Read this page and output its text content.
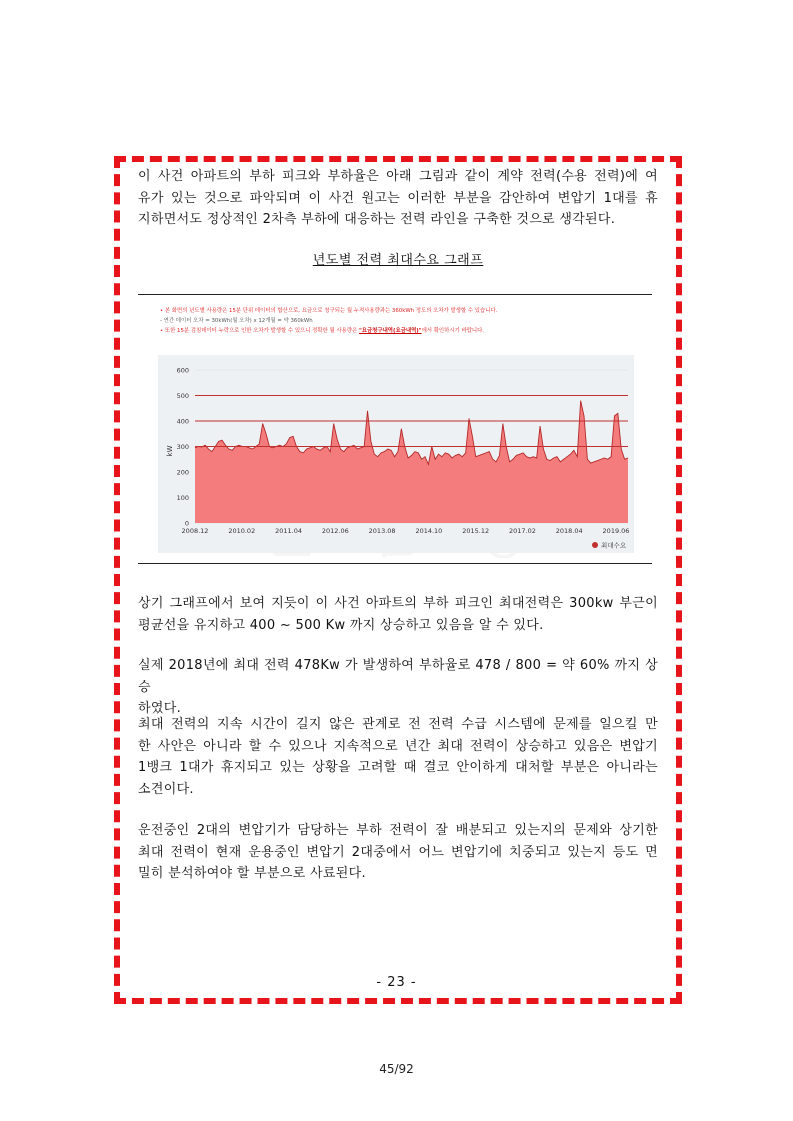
이 사건 아파트의 부하 피크와 부하율은 아래 그림과 같이 계약 전력(수용 전력)에 여
유가 있는 것으로 파악되며 이 사건 원고는 이러한 부분을 감안하여 변압기 1대를 휴
지하면서도 정상적인 2차측 부하에 대응하는 전력 라인을 구축한 것으로 생각된다.

년도별 전력 최대수요 그래프
• 본 화면의 년도별 사용량은 15분 단위 데이터의 합산으로, 요금으로 청구되는 월 누적사용량과는 360kWh 정도의 오차가 발생할 수 있습니다.
- 연간 데이터 오차 = 30kWh(월 오차) x 12개월 = 약 360kWh
• 또한 15분 검침데이터 누락으로 인한 오차가 발생할 수 있으니 정확한 월 사용량은 "요금청구내역(요금내역)"에서 확인하시기 바랍니다.
0
100
200
300
400
500
600
2008.12	2010.02	2011.04	2012.06	2013.08	2014.10	2015.12	2017.02	2018.04	2019.06
kW
최대수요

상기 그래프에서 보여 지듯이 이 사건 아파트의 부하 피크인 최대전력은 300kw 부근이
평균선을 유지하고 400 ~ 500 Kw 까지 상승하고 있음을 알 수 있다.

실제 2018년에 최대 전력 478Kw 가 발생하여 부하율로 478 / 800 = 약 60% 까지 상승
하였다.

최대 전력의 지속 시간이 길지 않은 관계로 전 전력 수급 시스템에 문제를 일으킬 만
한 사안은 아니라 할 수 있으나 지속적으로 년간 최대 전력이 상승하고 있음은 변압기
1뱅크 1대가 휴지되고 있는 상황을 고려할 때 결코 안이하게 대처할 부분은 아니라는
소견이다.

운전중인 2대의 변압기가 담당하는 부하 전력이 잘 배분되고 있는지의 문제와 상기한
최대 전력이 현재 운용중인 변압기 2대중에서 어느 변압기에 치중되고 있는지 등도 면
밀히 분석하여야 할 부분으로 사료된다.

- 23 -
45/92
